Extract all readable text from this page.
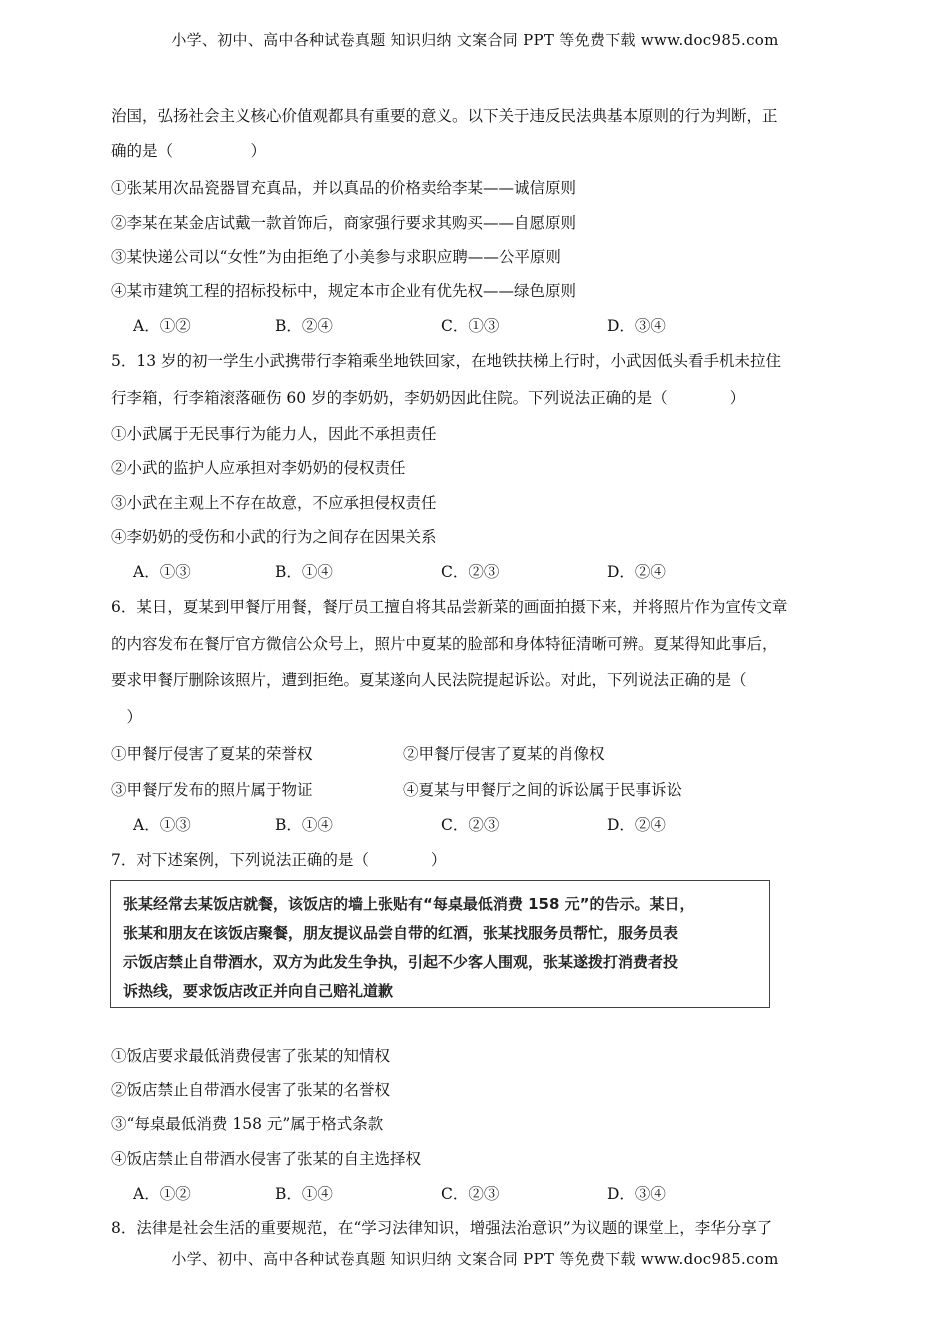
小学、初中、高中各种试卷真题 知识归纳 文案合同 PPT 等免费下载 www.doc985.com
治国，弘扬社会主义核心价值观都具有重要的意义。以下关于违反民法典基本原则的行为判断，正
确的是（　　　　　）
①张某用次品瓷器冒充真品，并以真品的价格卖给李某——诚信原则
②李某在某金店试戴一款首饰后，商家强行要求其购买——自愿原则
③某快递公司以“女性”为由拒绝了小美参与求职应聘——公平原则
④某市建筑工程的招标投标中，规定本市企业有优先权——绿色原则
A．①②	B．②④	C．①③	D．③④
5．13 岁的初一学生小武携带行李箱乘坐地铁回家，在地铁扶梯上行时，小武因低头看手机未拉住
行李箱，行李箱滚落砸伤 60 岁的李奶奶，李奶奶因此住院。下列说法正确的是（　　　　）
①小武属于无民事行为能力人，因此不承担责任
②小武的监护人应承担对李奶奶的侵权责任
③小武在主观上不存在故意，不应承担侵权责任
④李奶奶的受伤和小武的行为之间存在因果关系
A．①③	B．①④	C．②③	D．②④
6．某日，夏某到甲餐厅用餐，餐厅员工擅自将其品尝新菜的画面拍摄下来，并将照片作为宣传文章
的内容发布在餐厅官方微信公众号上，照片中夏某的脸部和身体特征清晰可辨。夏某得知此事后，
要求甲餐厅删除该照片，遭到拒绝。夏某遂向人民法院提起诉讼。对此，下列说法正确的是（
　）
①甲餐厅侵害了夏某的荣誉权	②甲餐厅侵害了夏某的肖像权
③甲餐厅发布的照片属于物证	④夏某与甲餐厅之间的诉讼属于民事诉讼
A．①③	B．①④	C．②③	D．②④
7．对下述案例，下列说法正确的是（　　　　）
张某经常去某饭店就餐，该饭店的墙上张贴有“每桌最低消费 158 元”的告示。某日，
张某和朋友在该饭店聚餐，朋友提议品尝自带的红酒，张某找服务员帮忙，服务员表
示饭店禁止自带酒水，双方为此发生争执，引起不少客人围观，张某遂拨打消费者投
诉热线，要求饭店改正并向自己赔礼道歉
①饭店要求最低消费侵害了张某的知情权
②饭店禁止自带酒水侵害了张某的名誉权
③“每桌最低消费 158 元”属于格式条款
④饭店禁止自带酒水侵害了张某的自主选择权
A．①②	B．①④	C．②③	D．③④
8．法律是社会生活的重要规范，在“学习法律知识，增强法治意识”为议题的课堂上，李华分享了
小学、初中、高中各种试卷真题 知识归纳 文案合同 PPT 等免费下载 www.doc985.com
